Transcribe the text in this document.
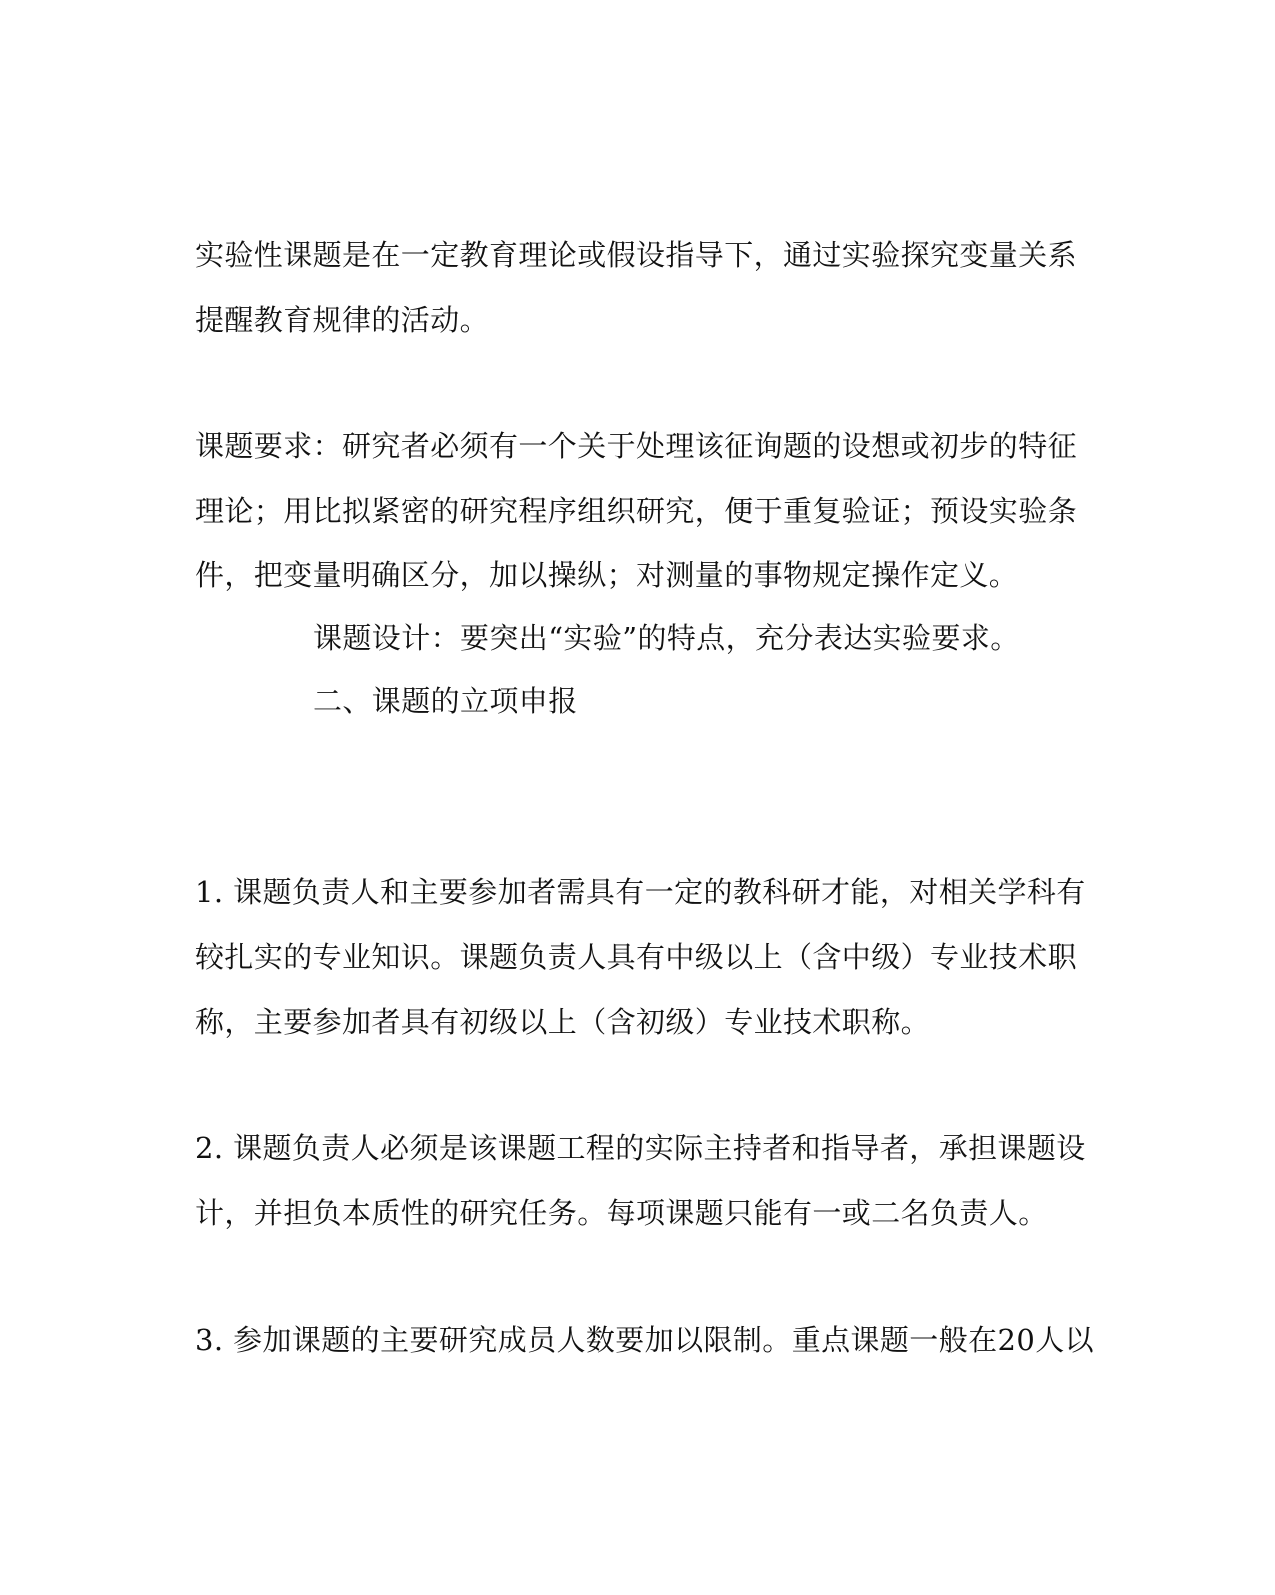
实验性课题是在一定教育理论或假设指导下，通过实验探究变量关系
提醒教育规律的活动。
课题要求：研究者必须有一个关于处理该征询题的设想或初步的特征
理论；用比拟紧密的研究程序组织研究，便于重复验证；预设实验条
件，把变量明确区分，加以操纵；对测量的事物规定操作定义。
课题设计：要突出“实验”的特点，充分表达实验要求。
二、课题的立项申报
1. 课题负责人和主要参加者需具有一定的教科研才能，对相关学科有
较扎实的专业知识。课题负责人具有中级以上（含中级）专业技术职
称，主要参加者具有初级以上（含初级）专业技术职称。
2. 课题负责人必须是该课题工程的实际主持者和指导者，承担课题设
计，并担负本质性的研究任务。每项课题只能有一或二名负责人。
3. 参加课题的主要研究成员人数要加以限制。重点课题一般在20人以
